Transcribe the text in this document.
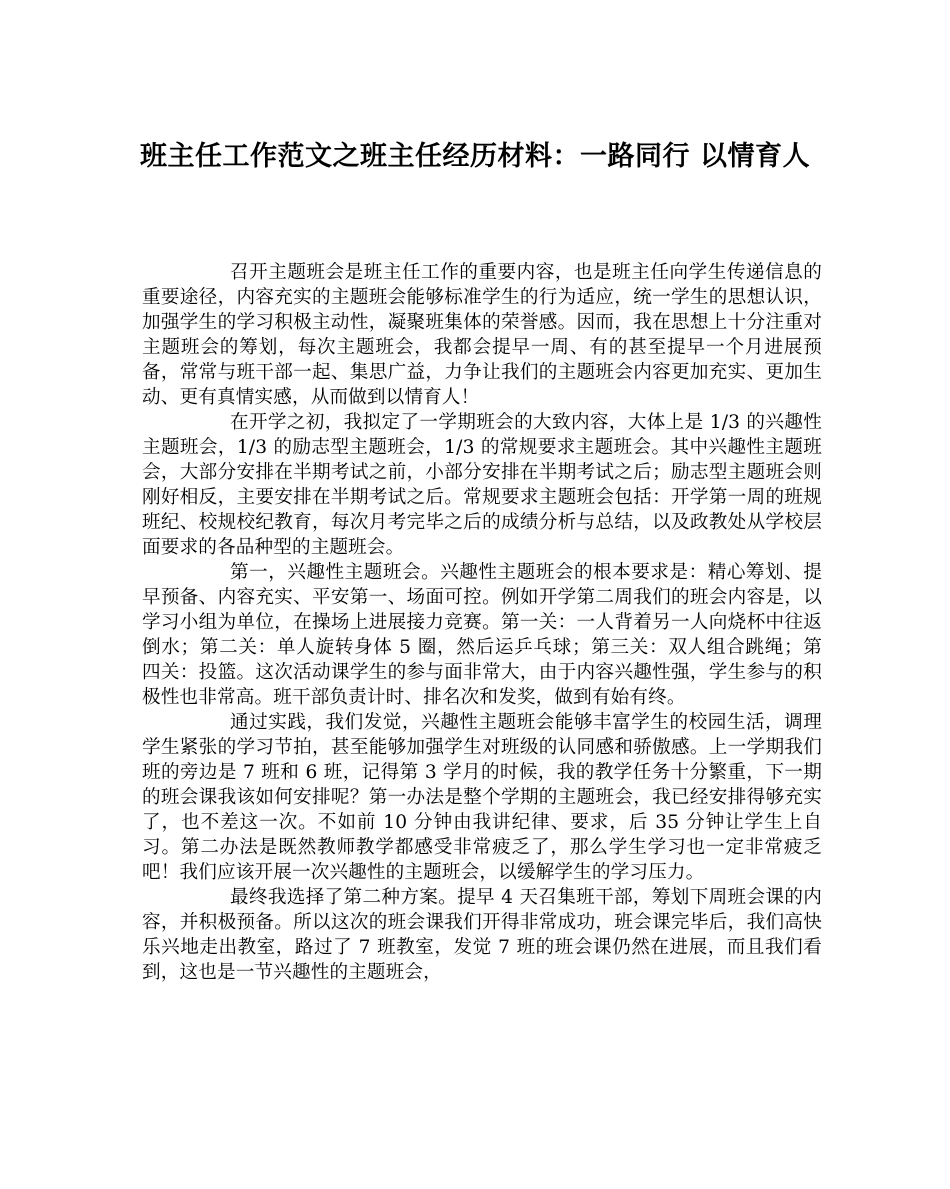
班主任工作范文之班主任经历材料：一路同行 以情育人

召开主题班会是班主任工作的重要内容，也是班主任向学生传递信息的重要途径，内容充实的主题班会能够标准学生的行为适应，统一学生的思想认识，加强学生的学习积极主动性，凝聚班集体的荣誉感。因而，我在思想上十分注重对主题班会的筹划，每次主题班会，我都会提早一周、有的甚至提早一个月进展预备，常常与班干部一起、集思广益，力争让我们的主题班会内容更加充实、更加生动、更有真情实感，从而做到以情育人！

在开学之初，我拟定了一学期班会的大致内容，大体上是 1/3 的兴趣性主题班会，1/3 的励志型主题班会，1/3 的常规要求主题班会。其中兴趣性主题班会，大部分安排在半期考试之前，小部分安排在半期考试之后；励志型主题班会则刚好相反，主要安排在半期考试之后。常规要求主题班会包括：开学第一周的班规班纪、校规校纪教育，每次月考完毕之后的成绩分析与总结，以及政教处从学校层面要求的各品种型的主题班会。

第一，兴趣性主题班会。兴趣性主题班会的根本要求是：精心筹划、提早预备、内容充实、平安第一、场面可控。例如开学第二周我们的班会内容是，以学习小组为单位，在操场上进展接力竞赛。第一关：一人背着另一人向烧杯中往返倒水；第二关：单人旋转身体 5 圈，然后运乒乓球；第三关：双人组合跳绳；第四关：投篮。这次活动课学生的参与面非常大，由于内容兴趣性强，学生参与的积极性也非常高。班干部负责计时、排名次和发奖，做到有始有终。

通过实践，我们发觉，兴趣性主题班会能够丰富学生的校园生活，调理学生紧张的学习节拍，甚至能够加强学生对班级的认同感和骄傲感。上一学期我们班的旁边是 7 班和 6 班，记得第 3 学月的时候，我的教学任务十分繁重，下一期的班会课我该如何安排呢？第一办法是整个学期的主题班会，我已经安排得够充实了，也不差这一次。不如前 10 分钟由我讲纪律、要求，后 35 分钟让学生上自习。第二办法是既然教师教学都感受非常疲乏了，那么学生学习也一定非常疲乏吧！我们应该开展一次兴趣性的主题班会，以缓解学生的学习压力。

最终我选择了第二种方案。提早 4 天召集班干部，筹划下周班会课的内容，并积极预备。所以这次的班会课我们开得非常成功，班会课完毕后，我们高快乐兴地走出教室，路过了 7 班教室，发觉 7 班的班会课仍然在进展，而且我们看到，这也是一节兴趣性的主题班会，
